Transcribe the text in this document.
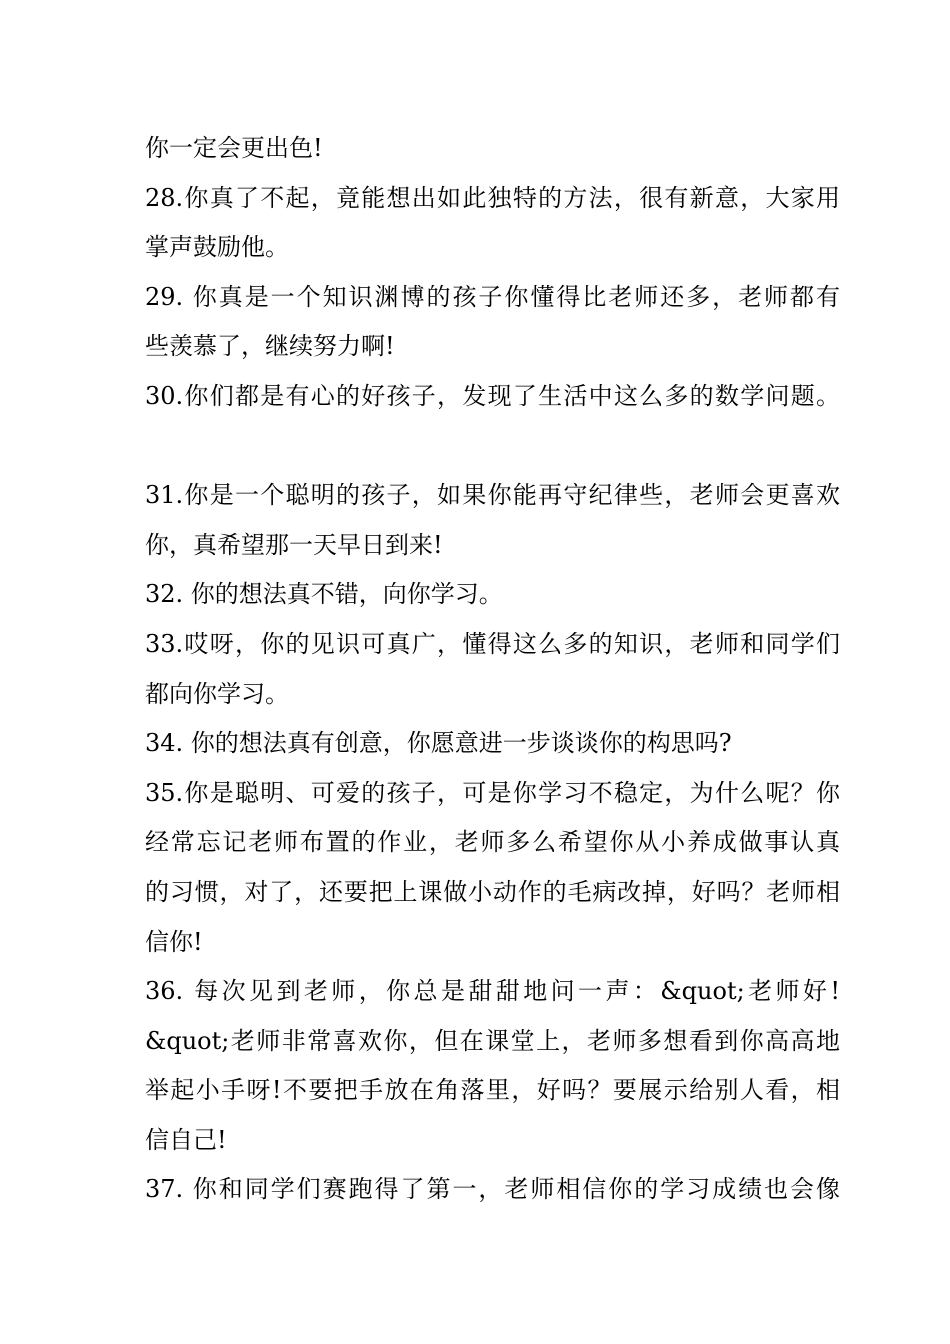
你一定会更出色!
28.你真了不起，竟能想出如此独特的方法，很有新意，大家用
掌声鼓励他。
29. 你真是一个知识渊博的孩子你懂得比老师还多，老师都有
些羡慕了，继续努力啊!
30.你们都是有心的好孩子，发现了生活中这么多的数学问题。
31.你是一个聪明的孩子，如果你能再守纪律些，老师会更喜欢
你，真希望那一天早日到来!
32. 你的想法真不错，向你学习。
33.哎呀，你的见识可真广，懂得这么多的知识，老师和同学们
都向你学习。
34. 你的想法真有创意，你愿意进一步谈谈你的构思吗?
35.你是聪明、可爱的孩子，可是你学习不稳定，为什么呢？你
经常忘记老师布置的作业，老师多么希望你从小养成做事认真
的习惯，对了，还要把上课做小动作的毛病改掉，好吗？老师相
信你!
36. 每次见到老师，你总是甜甜地问一声：&quot;老师好!
&quot;老师非常喜欢你，但在课堂上，老师多想看到你高高地
举起小手呀!不要把手放在角落里，好吗？要展示给别人看，相
信自己!
37. 你和同学们赛跑得了第一，老师相信你的学习成绩也会像
